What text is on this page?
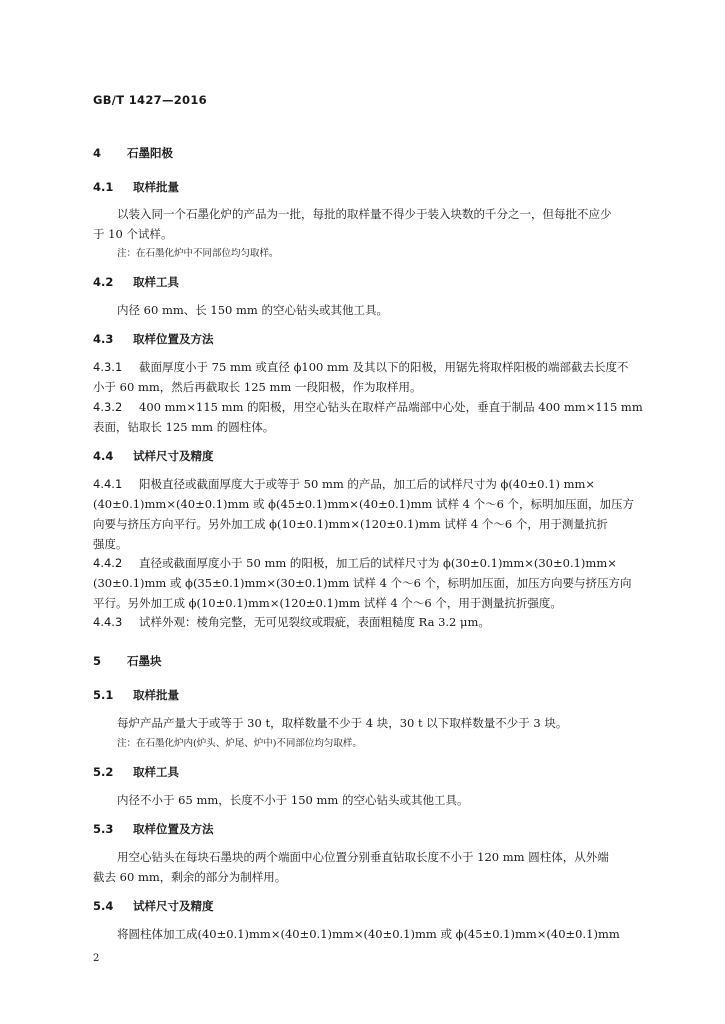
GB/T 1427—2016
4 石墨阳极
4.1 取样批量
以装入同一个石墨化炉的产品为一批，每批的取样量不得少于装入块数的千分之一，但每批不应少
于 10 个试样。
注：在石墨化炉中不同部位均匀取样。
4.2 取样工具
内径 60 mm、长 150 mm 的空心钻头或其他工具。
4.3 取样位置及方法
4.3.1 截面厚度小于 75 mm 或直径 ϕ100 mm 及其以下的阳极，用锯先将取样阳极的端部截去长度不
小于 60 mm，然后再截取长 125 mm 一段阳极，作为取样用。
4.3.2 400 mm×115 mm 的阳极，用空心钻头在取样产品端部中心处，垂直于制品 400 mm×115 mm
表面，钻取长 125 mm 的圆柱体。
4.4 试样尺寸及精度
4.4.1 阳极直径或截面厚度大于或等于 50 mm 的产品，加工后的试样尺寸为 ϕ(40±0.1) mm×
(40±0.1)mm×(40±0.1)mm 或 ϕ(45±0.1)mm×(40±0.1)mm 试样 4 个～6 个，标明加压面，加压方
向要与挤压方向平行。另外加工成 ϕ(10±0.1)mm×(120±0.1)mm 试样 4 个～6 个，用于测量抗折
强度。
4.4.2 直径或截面厚度小于 50 mm 的阳极，加工后的试样尺寸为 ϕ(30±0.1)mm×(30±0.1)mm×
(30±0.1)mm 或 ϕ(35±0.1)mm×(30±0.1)mm 试样 4 个～6 个，标明加压面，加压方向要与挤压方向
平行。另外加工成 ϕ(10±0.1)mm×(120±0.1)mm 试样 4 个～6 个，用于测量抗折强度。
4.4.3 试样外观：棱角完整，无可见裂纹或瑕疵，表面粗糙度 Ra 3.2 μm。
5 石墨块
5.1 取样批量
每炉产品产量大于或等于 30 t，取样数量不少于 4 块，30 t 以下取样数量不少于 3 块。
注：在石墨化炉内(炉头、炉尾、炉中)不同部位均匀取样。
5.2 取样工具
内径不小于 65 mm，长度不小于 150 mm 的空心钻头或其他工具。
5.3 取样位置及方法
用空心钻头在每块石墨块的两个端面中心位置分别垂直钻取长度不小于 120 mm 圆柱体，从外端
截去 60 mm，剩余的部分为制样用。
5.4 试样尺寸及精度
将圆柱体加工成(40±0.1)mm×(40±0.1)mm×(40±0.1)mm 或 ϕ(45±0.1)mm×(40±0.1)mm
2
